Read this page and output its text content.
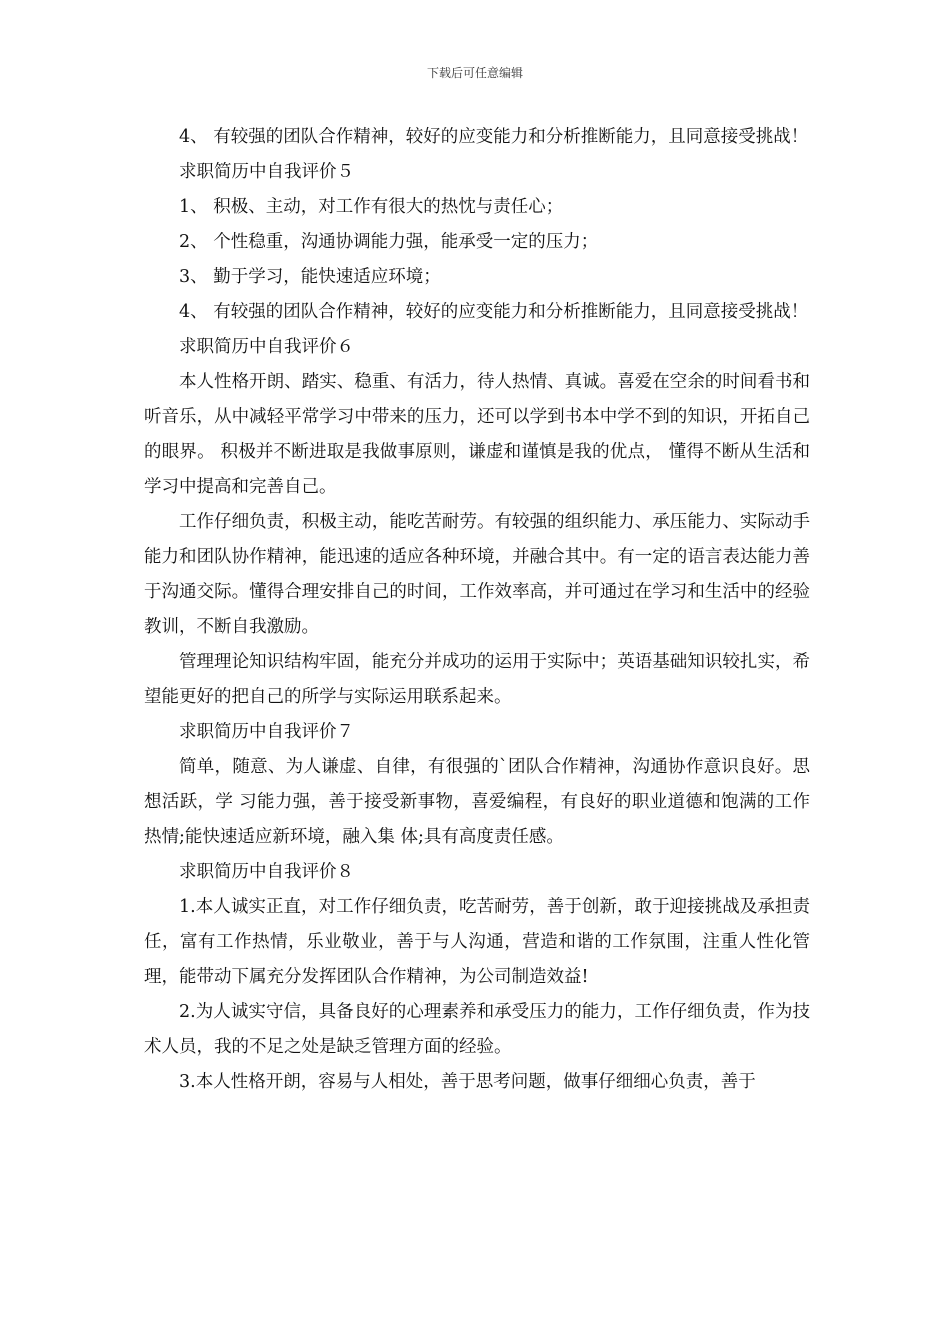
下载后可任意编辑

4、 有较强的团队合作精神，较好的应变能力和分析推断能力，且同意接受挑战！

求职简历中自我评价５

1、 积极、主动，对工作有很大的热忱与责任心；

2、 个性稳重，沟通协调能力强，能承受一定的压力；

3、 勤于学习，能快速适应环境；

4、 有较强的团队合作精神，较好的应变能力和分析推断能力，且同意接受挑战！

求职简历中自我评价６

本人性格开朗、踏实、稳重、有活力，待人热情、真诚。喜爱在空余的时间看书和听音乐，从中减轻平常学习中带来的压力，还可以学到书本中学不到的知识，开拓自己的眼界。 积极并不断进取是我做事原则，谦虚和谨慎是我的优点， 懂得不断从生活和学习中提高和完善自己。

工作仔细负责，积极主动，能吃苦耐劳。有较强的组织能力、承压能力、实际动手能力和团队协作精神，能迅速的适应各种环境，并融合其中。有一定的语言表达能力善于沟通交际。懂得合理安排自己的时间，工作效率高，并可通过在学习和生活中的经验教训，不断自我激励。

管理理论知识结构牢固，能充分并成功的运用于实际中；英语基础知识较扎实，希望能更好的把自己的所学与实际运用联系起来。

求职简历中自我评价７

简单，随意、为人谦虚、自律，有很强的`团队合作精神，沟通协作意识良好。思想活跃，学 习能力强，善于接受新事物，喜爱编程，有良好的职业道德和饱满的工作热情;能快速适应新环境，融入集 体;具有高度责任感。

求职简历中自我评价８

1.本人诚实正直，对工作仔细负责，吃苦耐劳，善于创新，敢于迎接挑战及承担责任，富有工作热情，乐业敬业，善于与人沟通，营造和谐的工作氛围，注重人性化管理，能带动下属充分发挥团队合作精神，为公司制造效益!

2.为人诚实守信，具备良好的心理素养和承受压力的能力，工作仔细负责，作为技术人员，我的不足之处是缺乏管理方面的经验。

3.本人性格开朗，容易与人相处，善于思考问题，做事仔细细心负责，善于
